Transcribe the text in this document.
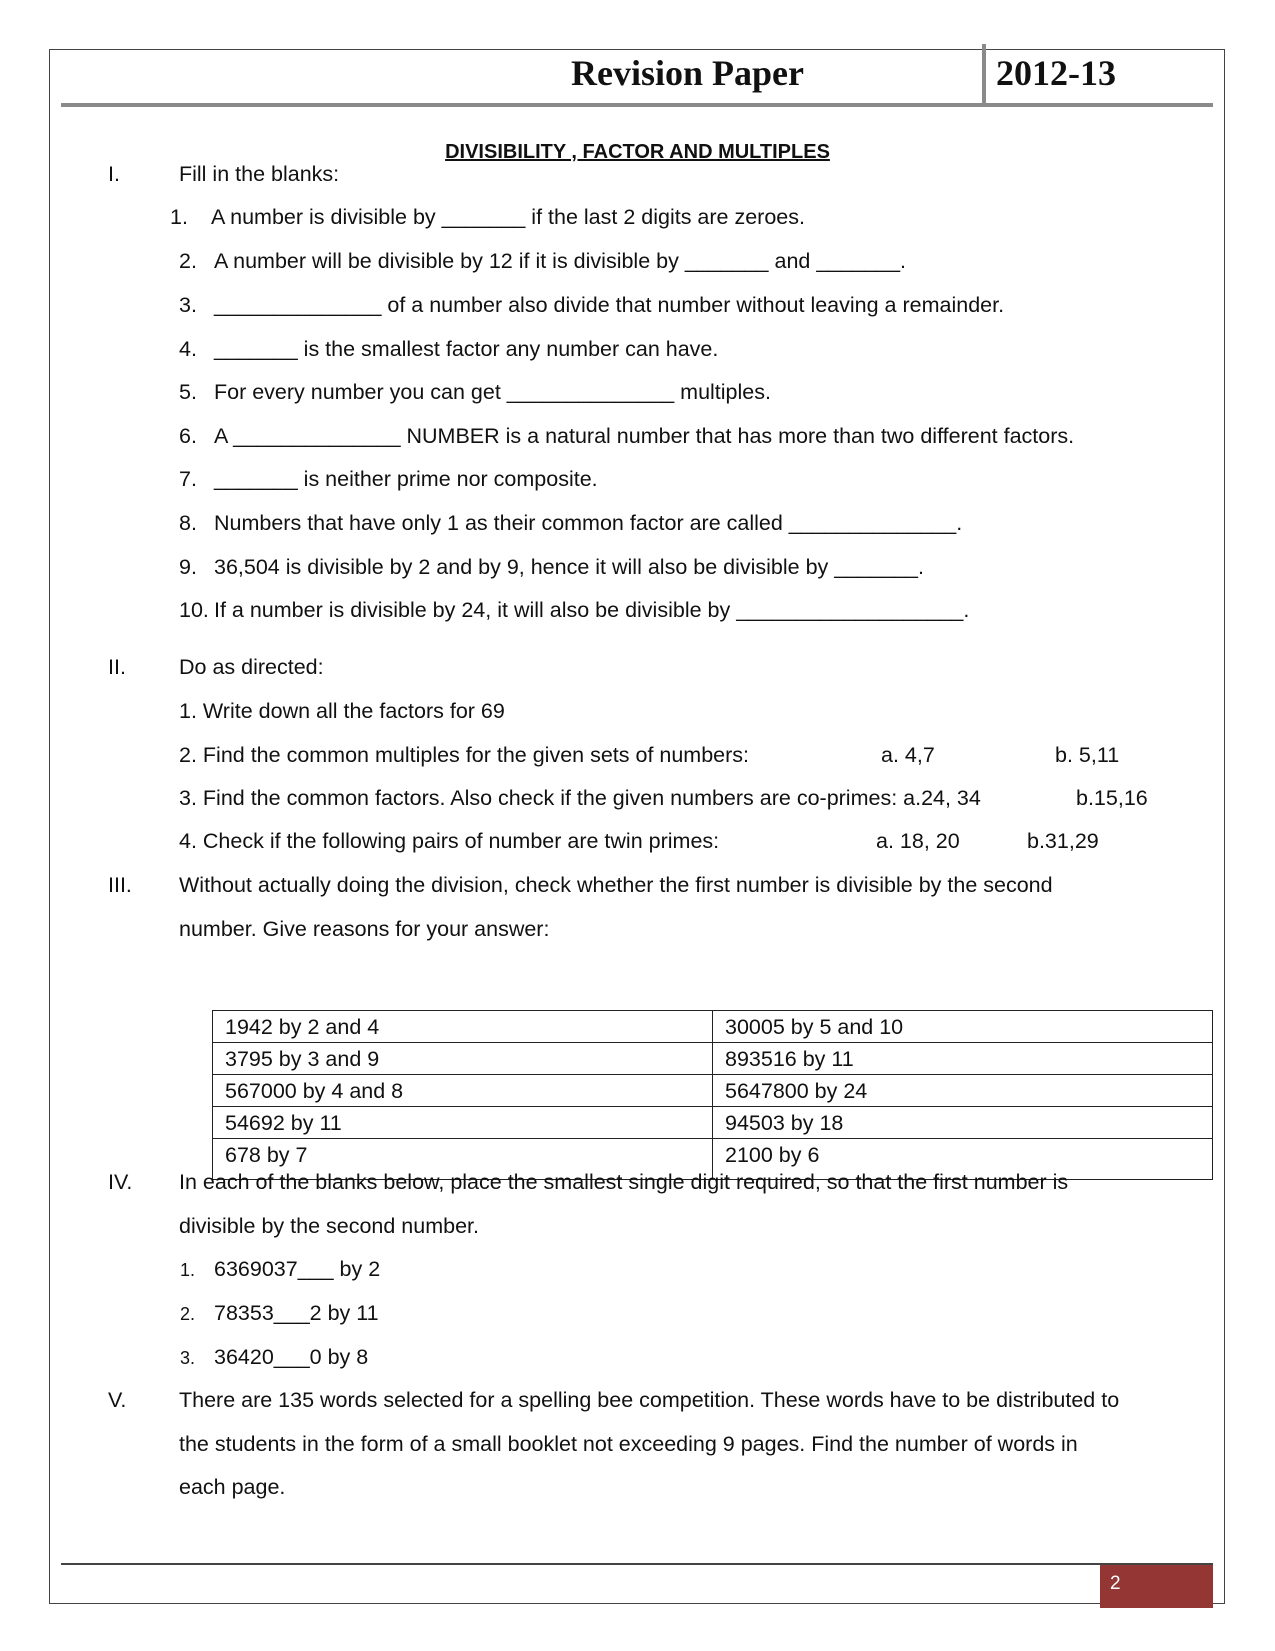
Revision Paper	2012-13
DIVISIBILITY , FACTOR AND MULTIPLES
I.	Fill in the blanks:
1. A number is divisible by _______ if the last 2 digits are zeroes.
2. A number will be divisible by 12 if it is divisible by _______ and _______.
3. ______________ of a number also divide that number without leaving a remainder.
4. _______ is the smallest factor any number can have.
5. For every number you can get ______________ multiples.
6. A ______________ NUMBER is a natural number that has more than two different factors.
7. _______ is neither prime nor composite.
8. Numbers that have only 1 as their common factor are called ______________.
9. 36,504 is divisible by 2 and by 9, hence it will also be divisible by _______.
10. If a number is divisible by 24, it will also be divisible by ___________________.
II. Do as directed:
1. Write down all the factors for 69
2. Find the common multiples for the given sets of numbers:	a. 4,7	b. 5,11
3. Find the common factors. Also check if the given numbers are co-primes: a.24, 34	b.15,16
4. Check if the following pairs of number are twin primes:	a. 18, 20	b.31,29
III. Without actually doing the division, check whether the first number is divisible by the second
number. Give reasons for your answer:
1942 by 2 and 4	30005 by 5 and 10
3795 by 3 and 9	893516 by 11
567000 by 4 and 8	5647800 by 24
54692 by 11	94503 by 18
678 by 7	2100 by 6
IV. In each of the blanks below, place the smallest single digit required, so that the first number is
divisible by the second number.
1. 6369037___ by 2
2. 78353___2 by 11
3. 36420___0 by 8
V. There are 135 words selected for a spelling bee competition. These words have to be distributed to
the students in the form of a small booklet not exceeding 9 pages. Find the number of words in
each page.
2
